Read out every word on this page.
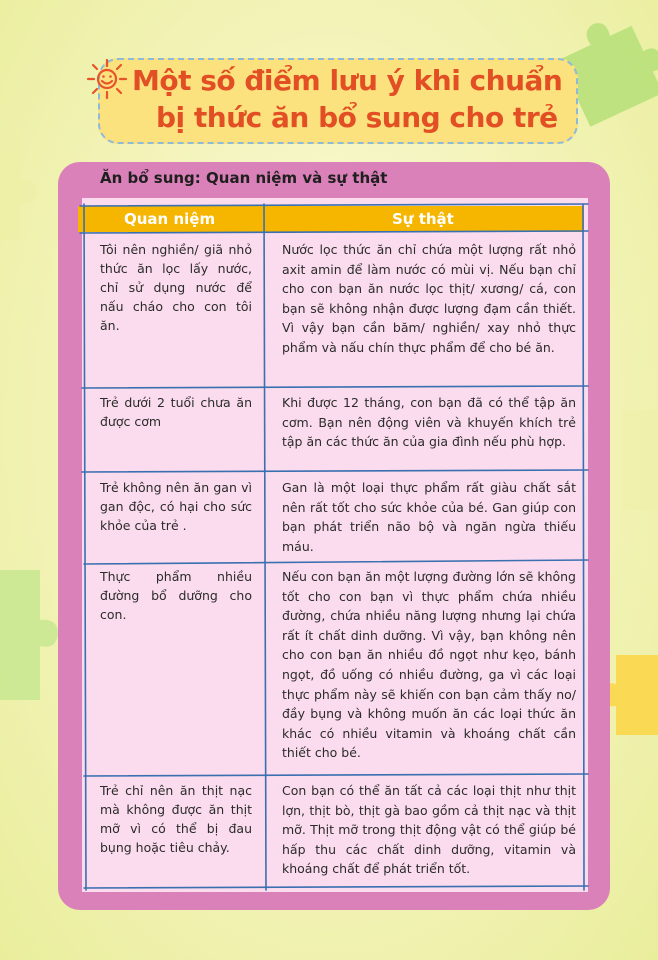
Một số điểm lưu ý khi chuẩn
bị thức ăn bổ sung cho trẻ
Ăn bổ sung: Quan niệm và sự thật
Quan niệm	Sự thật
Tôi nên nghiền/ giã nhỏ thức ăn lọc lấy nước, chỉ sử dụng nước để nấu cháo cho con tôi ăn.
Nước lọc thức ăn chỉ chứa một lượng rất nhỏ axit amin để làm nước có mùi vị. Nếu bạn chỉ cho con bạn ăn nước lọc thịt/ xương/ cá, con bạn sẽ không nhận được lượng đạm cần thiết. Vì vậy bạn cần băm/ nghiền/ xay nhỏ thực phẩm và nấu chín thực phẩm để cho bé ăn.
Trẻ dưới 2 tuổi chưa ăn được cơm
Khi được 12 tháng, con bạn đã có thể tập ăn cơm. Bạn nên động viên và khuyến khích trẻ tập ăn các thức ăn của gia đình nếu phù hợp.
Trẻ không nên ăn gan vì gan độc, có hại cho sức khỏe của trẻ .
Gan là một loại thực phẩm rất giàu chất sắt nên rất tốt cho sức khỏe của bé. Gan giúp con bạn phát triển não bộ và ngăn ngừa thiếu máu.
Thực phẩm nhiều đường bổ dưỡng cho con.
Nếu con bạn ăn một lượng đường lớn sẽ không tốt cho con bạn vì thực phẩm chứa nhiều đường, chứa nhiều năng lượng nhưng lại chứa rất ít chất dinh dưỡng. Vì vậy, bạn không nên cho con bạn ăn nhiều đồ ngọt như kẹo, bánh ngọt, đồ uống có nhiều đường, ga vì các loại thực phẩm này sẽ khiến con bạn cảm thấy no/ đầy bụng và không muốn ăn các loại thức ăn khác có nhiều vitamin và khoáng chất cần thiết cho bé.
Trẻ chỉ nên ăn thịt nạc mà không được ăn thịt mỡ vì có thể bị đau bụng hoặc tiêu chảy.
Con bạn có thể ăn tất cả các loại thịt như thịt lợn, thịt bò, thịt gà bao gồm cả thịt nạc và thịt mỡ. Thịt mỡ trong thịt động vật có thể giúp bé hấp thu các chất dinh dưỡng, vitamin và khoáng chất để phát triển tốt.
